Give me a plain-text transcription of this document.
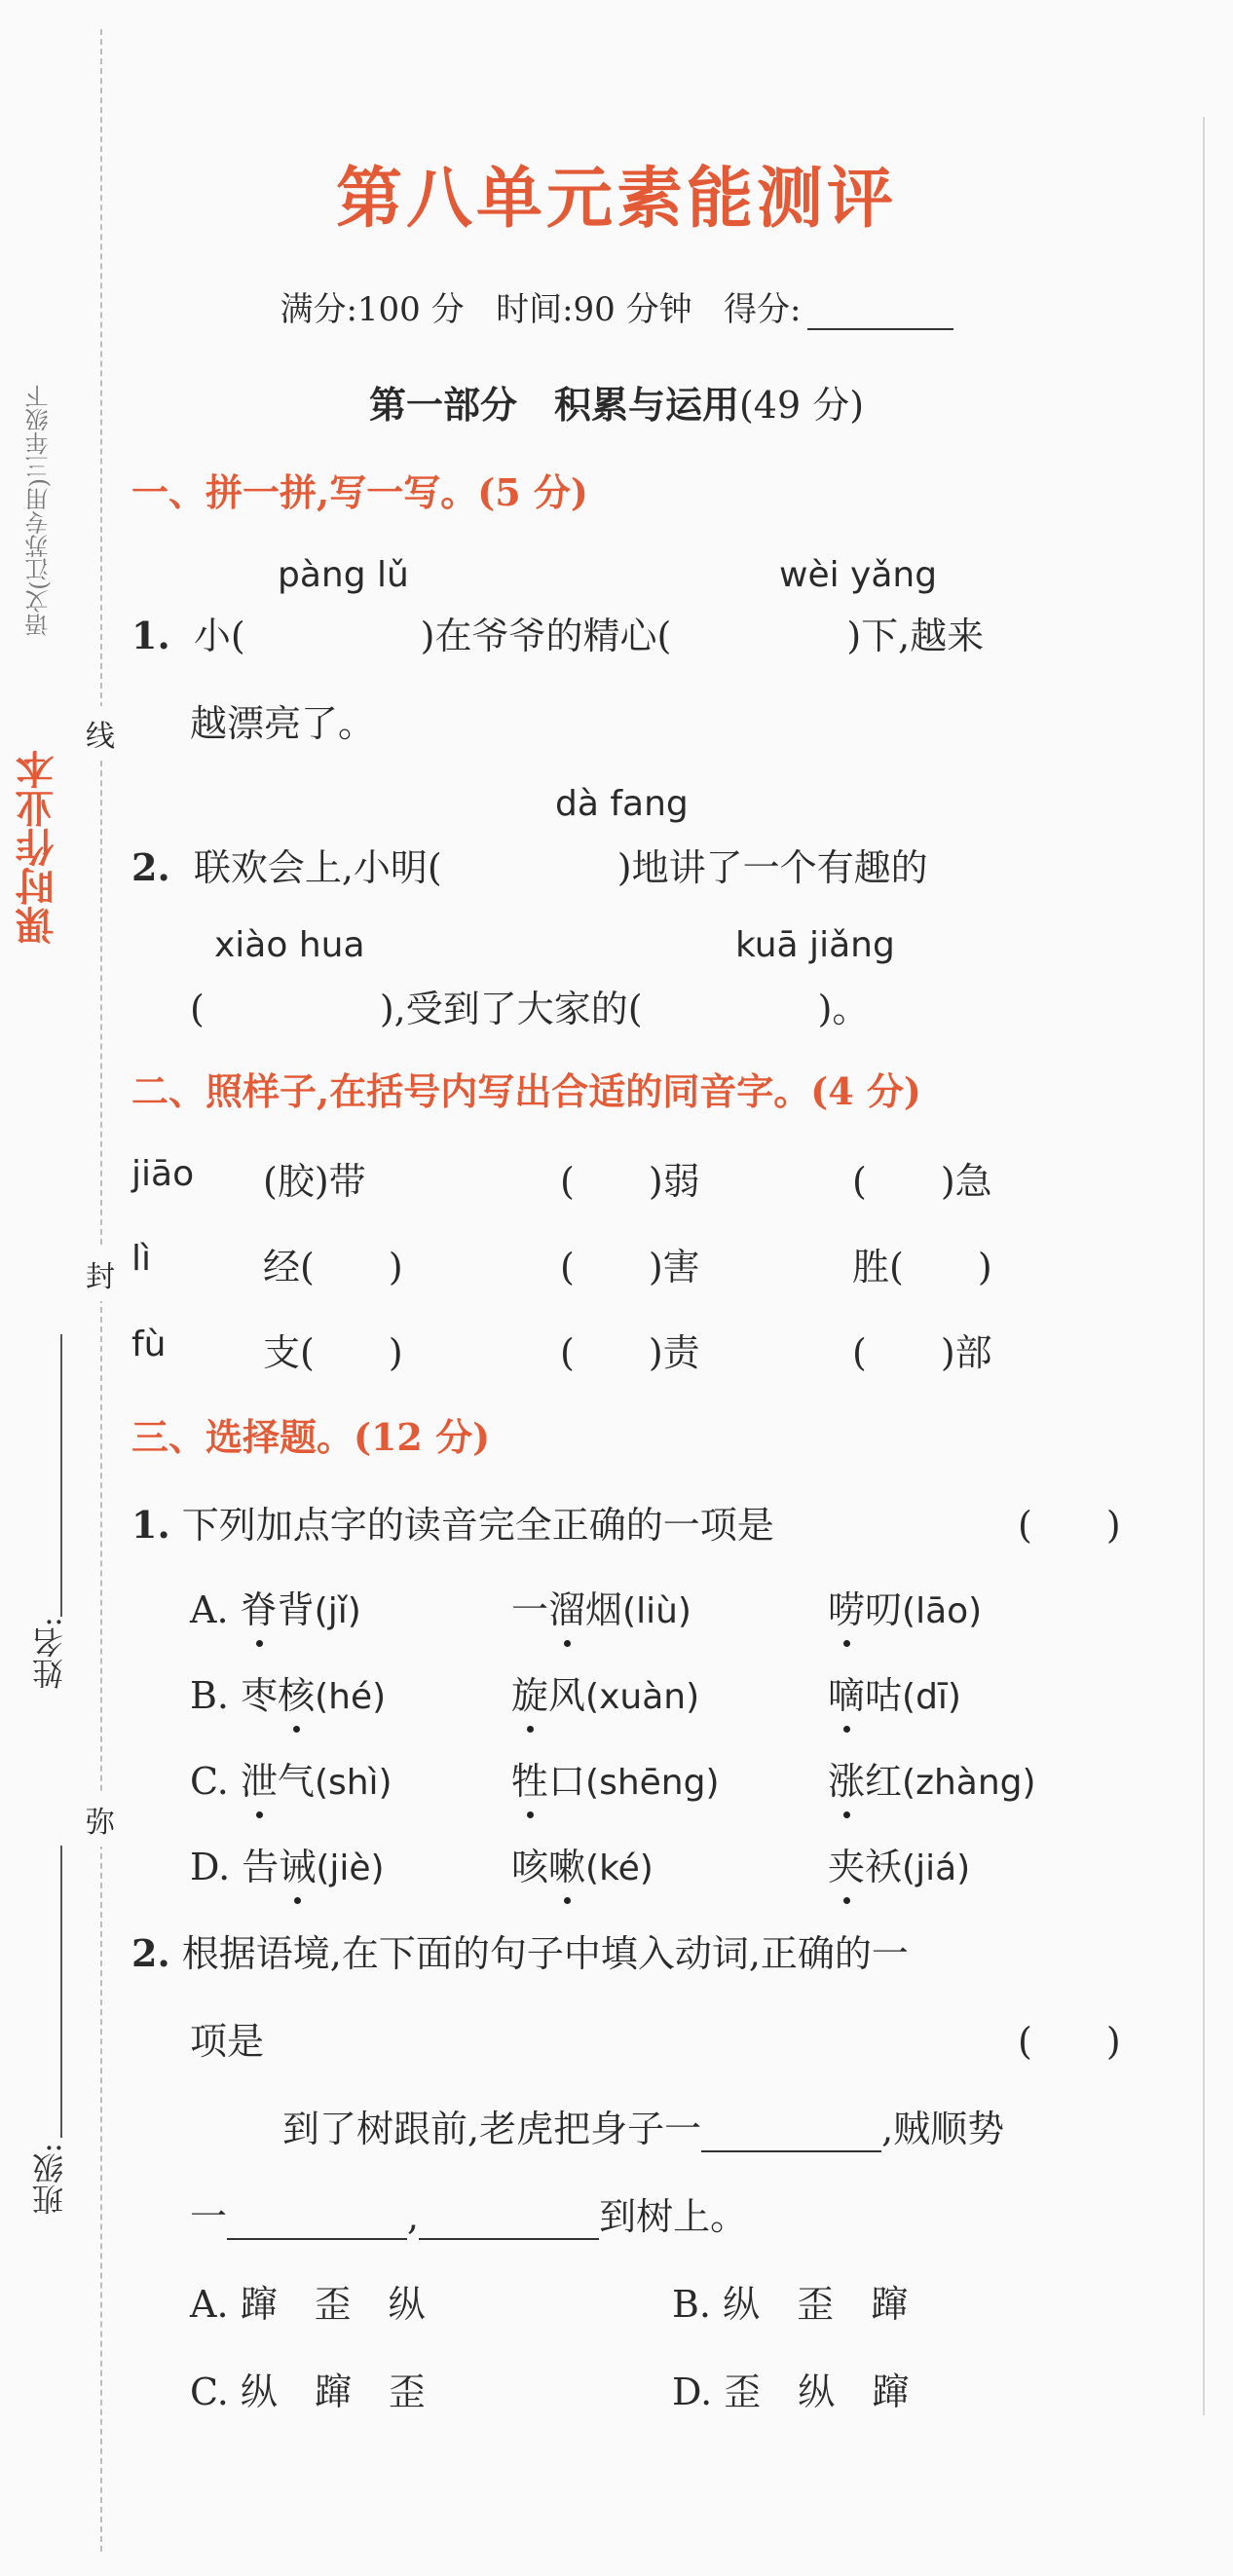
课时作业本
语文(江苏专用)三年级下
线
封
弥
姓名:
班级:
第八单元素能测评
满分:100 分 时间:90 分钟 得分:
第一部分　积累与运用(49 分)
一、拼一拼,写一写。(5 分)
pàng lǔ	wèi yǎng
1. 小(	)在爷爷的精心(	)下,越来
越漂亮了。
dà fang
2. 联欢会上,小明(	)地讲了一个有趣的
xiào hua	kuā jiǎng
(	),受到了大家的(	)。
二、照样子,在括号内写出合适的同音字。(4 分)
jiāo (胶)带	(　　)弱	(　　)急
lì	经(　　)	(　　)害	胜(　　)
fù	支(　　)	(　　)责	(　　)部
三、选择题。(12 分)
1. 下列加点字的读音完全正确的一项是	(　　)
A. 脊背(jǐ)	一溜烟(liù)	唠叨(lāo)
B. 枣核(hé)	旋风(xuàn)	嘀咕(dī)
C. 泄气(shì)	牲口(shēng)	涨红(zhàng)
D. 告诫(jiè)	咳嗽(ké)	夹袄(jiá)
2. 根据语境,在下面的句子中填入动词,正确的一
项是	(　　)
到了树跟前,老虎把身子一	,贼顺势
一	,	到树上。
A. 蹿　歪　纵	B. 纵　歪　蹿
C. 纵　蹿　歪	D. 歪　纵　蹿
